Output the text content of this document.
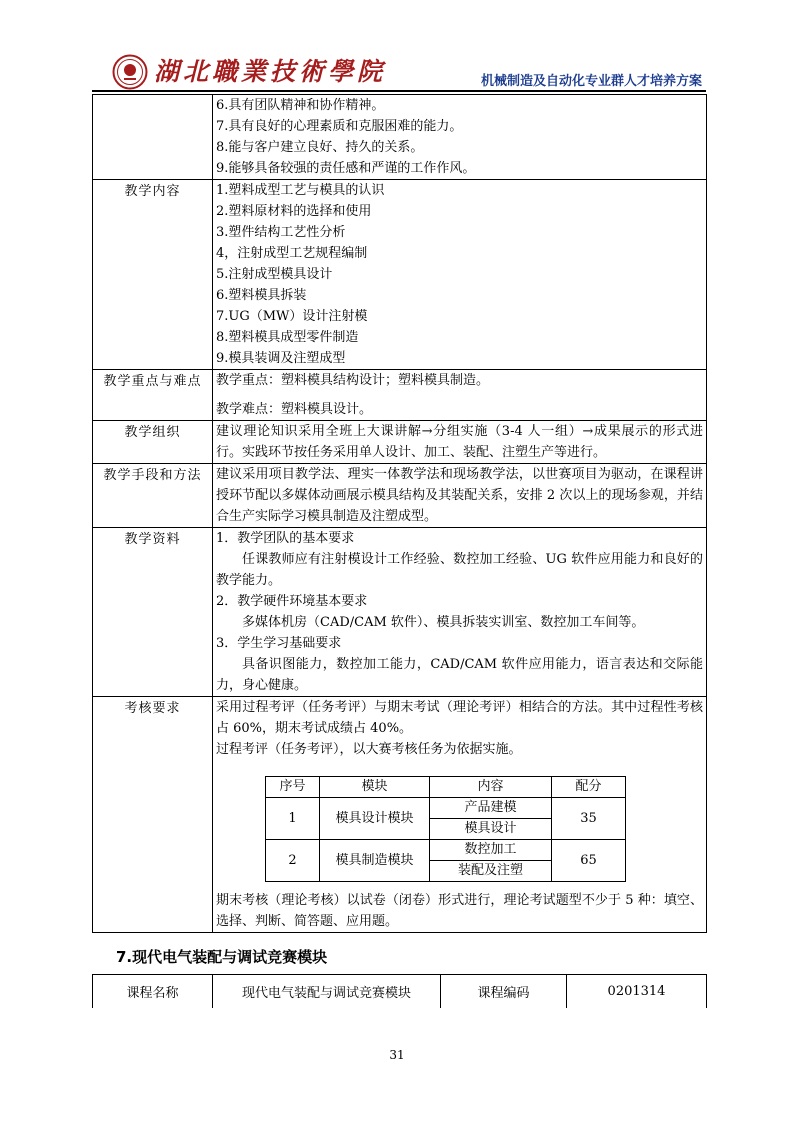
湖北職業技術學院	机械制造及自动化专业群人才培养方案

6.具有团队精神和协作精神。
7.具有良好的心理素质和克服困难的能力。
8.能与客户建立良好、持久的关系。
9.能够具备较强的责任感和严谨的工作作风。

教学内容	1.塑料成型工艺与模具的认识
2.塑料原材料的选择和使用
3.塑件结构工艺性分析
4，注射成型工艺规程编制
5.注射成型模具设计
6.塑料模具拆装
7.UG（MW）设计注射模
8.塑料模具成型零件制造
9.模具装调及注塑成型

教学重点与难点	教学重点：塑料模具结构设计；塑料模具制造。
教学难点：塑料模具设计。

教学组织	建议理论知识采用全班上大课讲解→分组实施（3-4 人一组）→成果展示的形式进行。实践环节按任务采用单人设计、加工、装配、注塑生产等进行。

教学手段和方法	建议采用项目教学法、理实一体教学法和现场教学法，以世赛项目为驱动，在课程讲授环节配以多媒体动画展示模具结构及其装配关系，安排 2 次以上的现场参观，并结合生产实际学习模具制造及注塑成型。

教学资料	1．教学团队的基本要求
任课教师应有注射模设计工作经验、数控加工经验、UG 软件应用能力和良好的教学能力。
2．教学硬件环境基本要求
多媒体机房（CAD/CAM 软件）、模具拆装实训室、数控加工车间等。
3．学生学习基础要求
具备识图能力，数控加工能力，CAD/CAM 软件应用能力，语言表达和交际能力，身心健康。

考核要求	采用过程考评（任务考评）与期末考试（理论考评）相结合的方法。其中过程性考核占 60%，期末考试成绩占 40%。
过程考评（任务考评），以大赛考核任务为依据实施。
序号	模块	内容	配分
1	模具设计模块	产品建模	35
模具设计
2	模具制造模块	数控加工	65
装配及注塑
期末考核（理论考核）以试卷（闭卷）形式进行，理论考试题型不少于 5 种：填空、选择、判断、简答题、应用题。
7.现代电气装配与调试竞赛模块
课程名称	现代电气装配与调试竞赛模块	课程编码	0201314
31
